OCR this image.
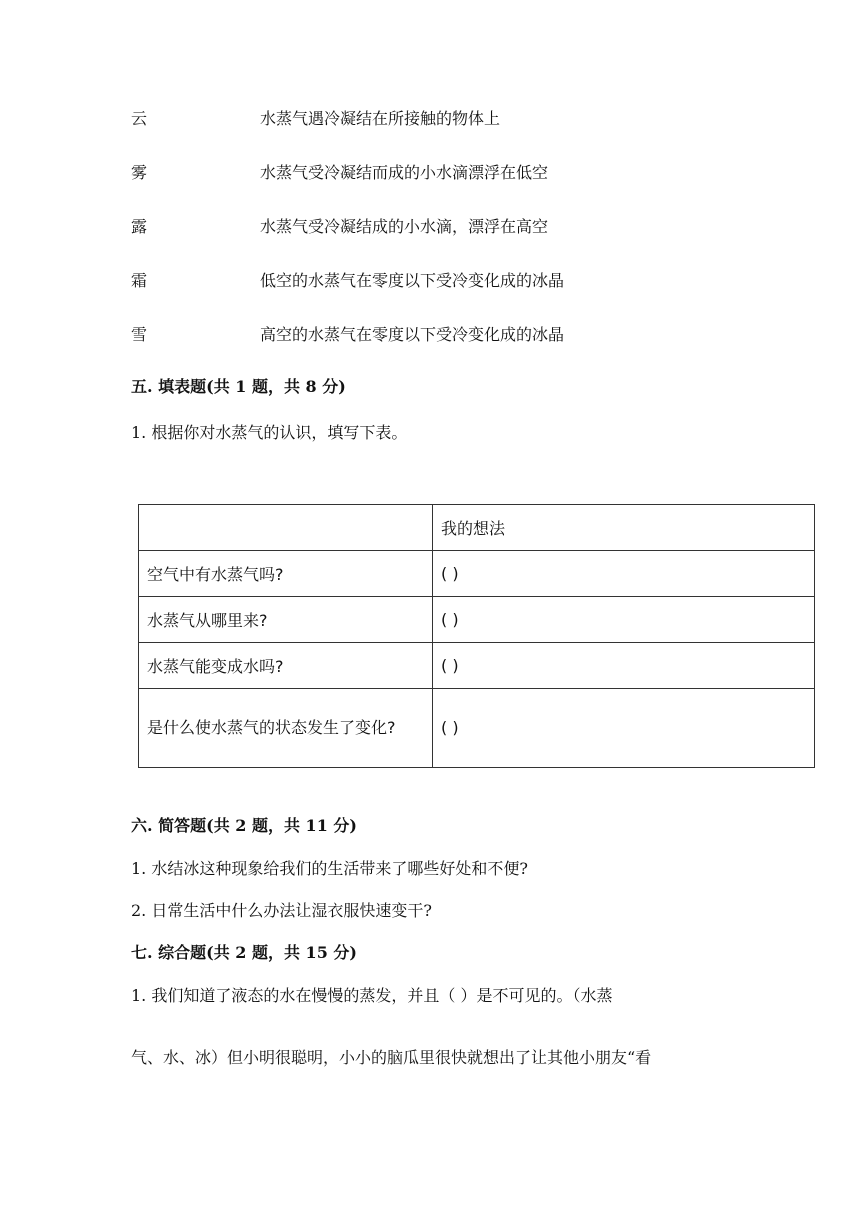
云	水蒸气遇冷凝结在所接触的物体上
雾	水蒸气受冷凝结而成的小水滴漂浮在低空
露	水蒸气受冷凝结成的小水滴，漂浮在高空
霜	低空的水蒸气在零度以下受冷变化成的冰晶
雪	高空的水蒸气在零度以下受冷变化成的冰晶
五. 填表题(共 1 题，共 8 分)
1. 根据你对水蒸气的认识，填写下表。
	我的想法
空气中有水蒸气吗?	( )
水蒸气从哪里来?	( )
水蒸气能变成水吗?	( )
是什么使水蒸气的状态发生了变化?	( )
六. 简答题(共 2 题，共 11 分)
1. 水结冰这种现象给我们的生活带来了哪些好处和不便?
2. 日常生活中什么办法让湿衣服快速变干?
七. 综合题(共 2 题，共 15 分)
1. 我们知道了液态的水在慢慢的蒸发，并且（ ）是不可见的。（水蒸
气、水、冰）但小明很聪明，小小的脑瓜里很快就想出了让其他小朋友“看
